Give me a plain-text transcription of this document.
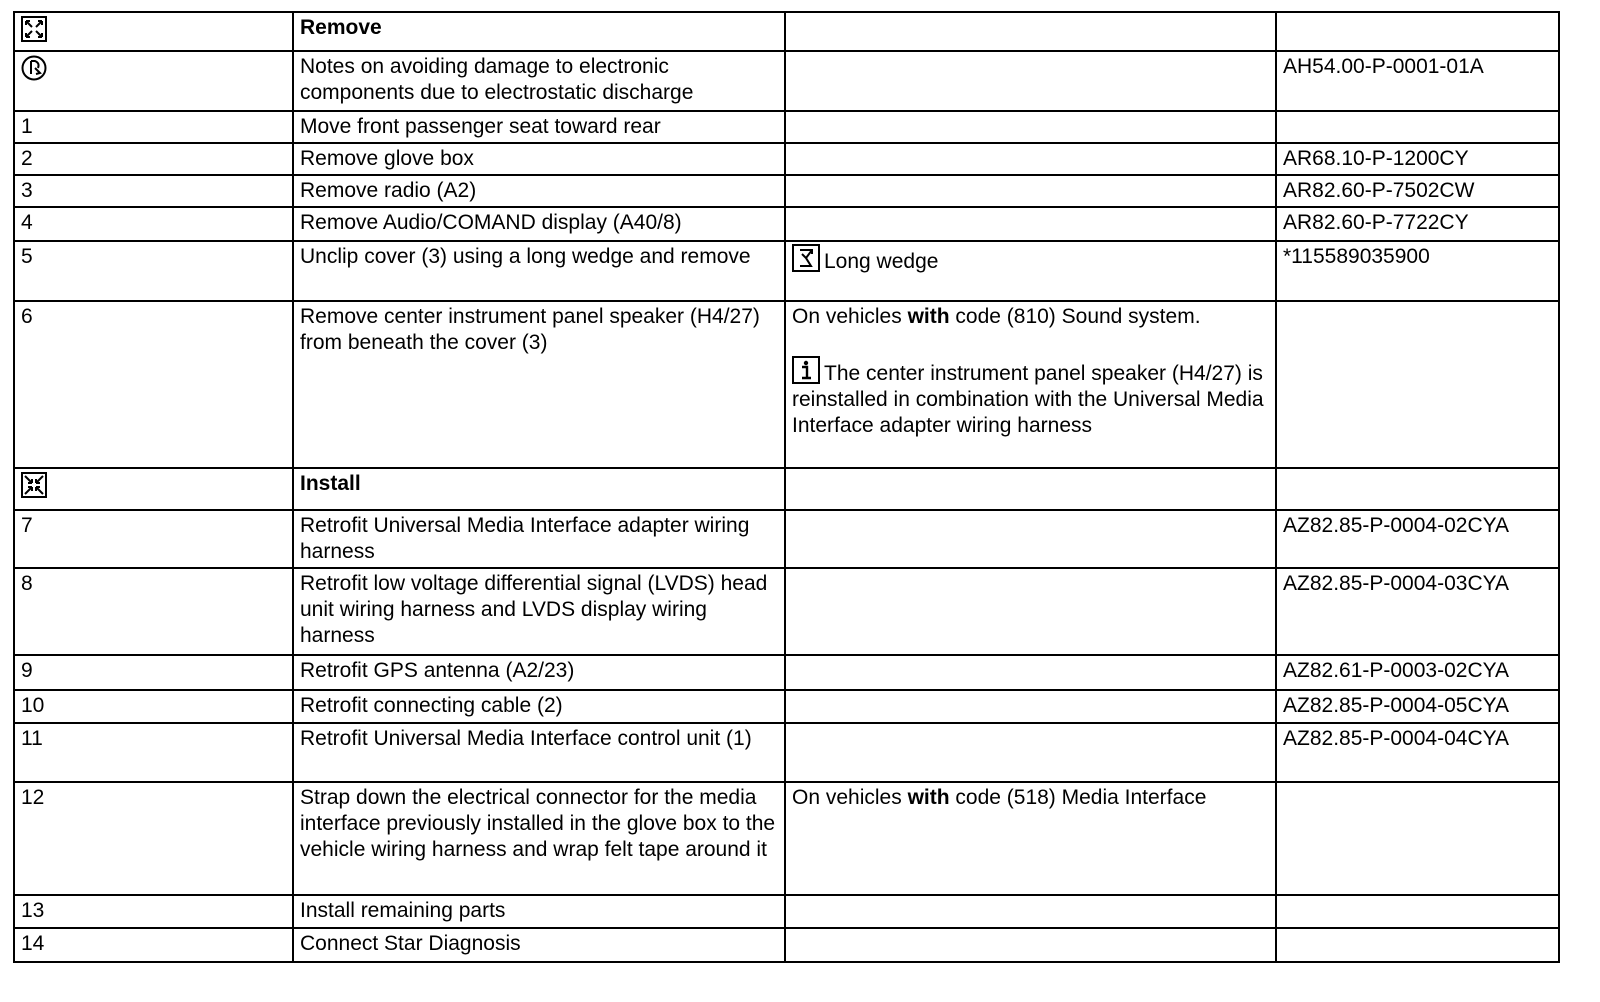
	Remove		
	Notes on avoiding damage to electronic components due to electrostatic discharge		AH54.00-P-0001-01A
1	Move front passenger seat toward rear		
2	Remove glove box		AR68.10-P-1200CY
3	Remove radio (A2)		AR82.60-P-7502CW
4	Remove Audio/COMAND display (A40/8)		AR82.60-P-7722CY
5	Unclip cover (3) using a long wedge and remove	Long wedge	*115589035900
6	Remove center instrument panel speaker (H4/27) from beneath the cover (3)	On vehicles with code (810) Sound system.
The center instrument panel speaker (H4/27) is reinstalled in combination with the Universal Media Interface adapter wiring harness	
	Install		
7	Retrofit Universal Media Interface adapter wiring harness		AZ82.85-P-0004-02CYA
8	Retrofit low voltage differential signal (LVDS) head unit wiring harness and LVDS display wiring harness		AZ82.85-P-0004-03CYA
9	Retrofit GPS antenna (A2/23)		AZ82.61-P-0003-02CYA
10	Retrofit connecting cable (2)		AZ82.85-P-0004-05CYA
11	Retrofit Universal Media Interface control unit (1)		AZ82.85-P-0004-04CYA
12	Strap down the electrical connector for the media interface previously installed in the glove box to the vehicle wiring harness and wrap felt tape around it	On vehicles with code (518) Media Interface	

13	Install remaining parts		
14	Connect Star Diagnosis		
